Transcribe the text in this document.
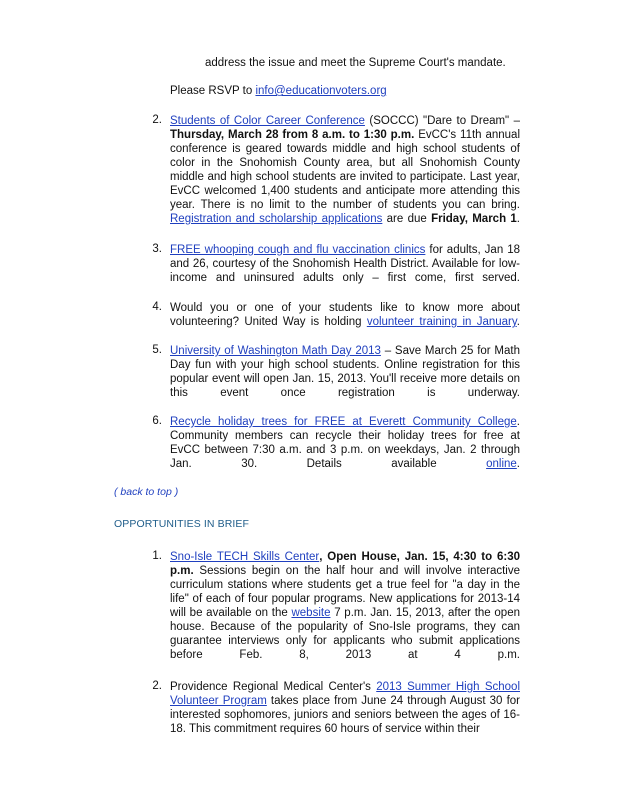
address the issue and meet the Supreme Court's mandate.
Please RSVP to info@educationvoters.org
2. Students of Color Career Conference (SOCCC) "Dare to Dream" – Thursday, March 28 from 8 a.m. to 1:30 p.m. EvCC's 11th annual conference is geared towards middle and high school students of color in the Snohomish County area, but all Snohomish County middle and high school students are invited to participate. Last year, EvCC welcomed 1,400 students and anticipate more attending this year. There is no limit to the number of students you can bring. Registration and scholarship applications are due Friday, March 1.
3. FREE whooping cough and flu vaccination clinics for adults, Jan 18 and 26, courtesy of the Snohomish Health District. Available for low-income and uninsured adults only – first come, first served.
4. Would you or one of your students like to know more about volunteering? United Way is holding volunteer training in January.
5. University of Washington Math Day 2013 – Save March 25 for Math Day fun with your high school students. Online registration for this popular event will open Jan. 15, 2013. You'll receive more details on this event once registration is underway.
6. Recycle holiday trees for FREE at Everett Community College. Community members can recycle their holiday trees for free at EvCC between 7:30 a.m. and 3 p.m. on weekdays, Jan. 2 through Jan. 30. Details available online.
( back to top )
OPPORTUNITIES IN BRIEF
1. Sno-Isle TECH Skills Center, Open House, Jan. 15, 4:30 to 6:30 p.m. Sessions begin on the half hour and will involve interactive curriculum stations where students get a true feel for "a day in the life" of each of four popular programs. New applications for 2013-14 will be available on the website 7 p.m. Jan. 15, 2013, after the open house. Because of the popularity of Sno-Isle programs, they can guarantee interviews only for applicants who submit applications before Feb. 8, 2013 at 4 p.m.
2. Providence Regional Medical Center's 2013 Summer High School Volunteer Program takes place from June 24 through August 30 for interested sophomores, juniors and seniors between the ages of 16-18. This commitment requires 60 hours of service within their
